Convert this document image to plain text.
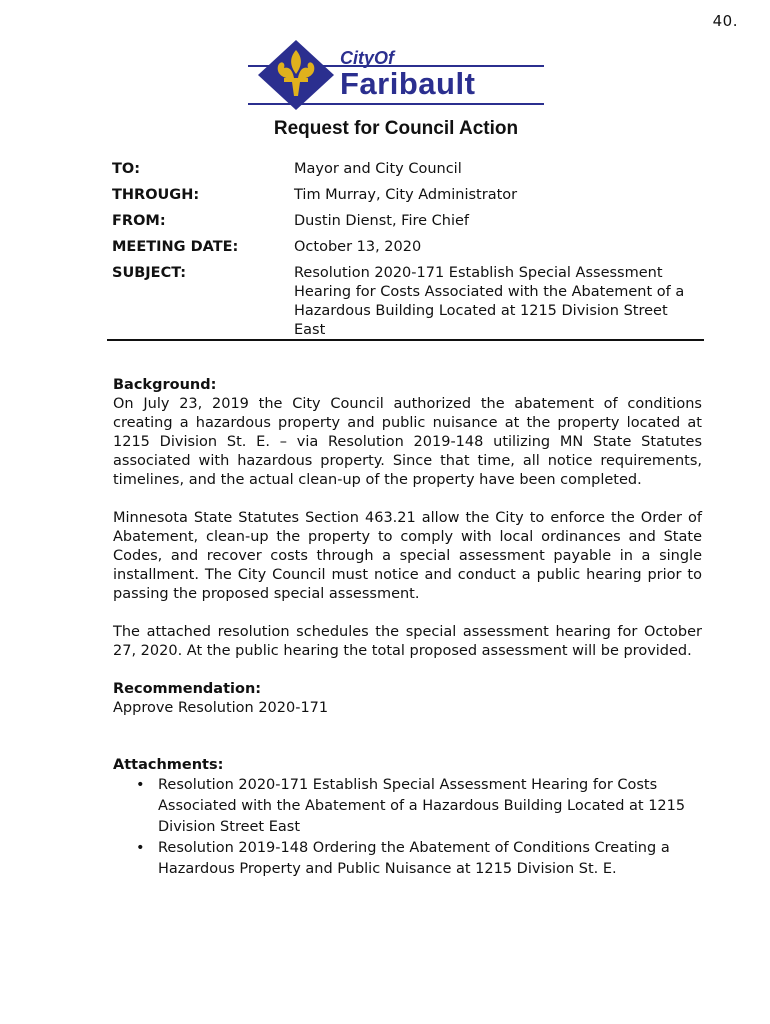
40.
CityOf
Faribault
Request for Council Action
TO:	Mayor and City Council
THROUGH:	Tim Murray, City Administrator
FROM:	Dustin Dienst, Fire Chief
MEETING DATE:	October 13, 2020
SUBJECT:	Resolution 2020-171 Establish Special Assessment Hearing for Costs Associated with the Abatement of a Hazardous Building Located at 1215 Division Street East
Background:

On July 23, 2019 the City Council authorized the abatement of conditions creating a hazardous property and public nuisance at the property located at 1215 Division St. E. – via Resolution 2019-148 utilizing MN State Statutes associated with hazardous property. Since that time, all notice requirements, timelines, and the actual clean-up of the property have been completed.

Minnesota State Statutes Section 463.21 allow the City to enforce the Order of Abatement, clean-up the property to comply with local ordinances and State Codes, and recover costs through a special assessment payable in a single installment. The City Council must notice and conduct a public hearing prior to passing the proposed special assessment.

The attached resolution schedules the special assessment hearing for October 27, 2020. At the public hearing the total proposed assessment will be provided.

Recommendation:
Approve Resolution 2020-171
Attachments:
• Resolution 2020-171 Establish Special Assessment Hearing for Costs Associated with the Abatement of a Hazardous Building Located at 1215 Division Street East
• Resolution 2019-148 Ordering the Abatement of Conditions Creating a Hazardous Property and Public Nuisance at 1215 Division St. E.
